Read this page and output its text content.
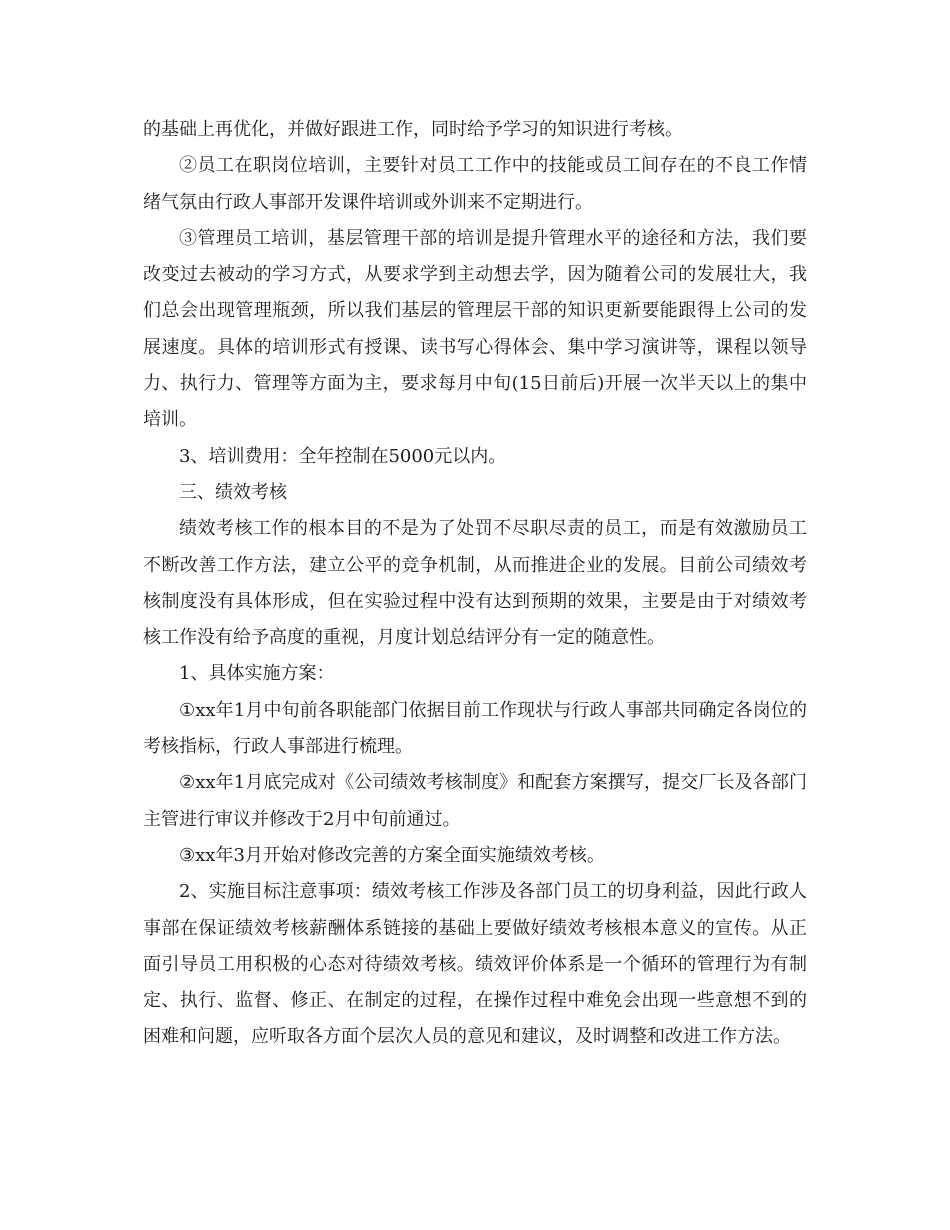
的基础上再优化，并做好跟进工作，同时给予学习的知识进行考核。

②员工在职岗位培训，主要针对员工工作中的技能或员工间存在的不良工作情绪气氛由行政人事部开发课件培训或外训来不定期进行。

③管理员工培训，基层管理干部的培训是提升管理水平的途径和方法，我们要改变过去被动的学习方式，从要求学到主动想去学，因为随着公司的发展壮大，我们总会出现管理瓶颈，所以我们基层的管理层干部的知识更新要能跟得上公司的发展速度。具体的培训形式有授课、读书写心得体会、集中学习演讲等，课程以领导力、执行力、管理等方面为主，要求每月中旬(15日前后)开展一次半天以上的集中培训。

3、培训费用：全年控制在5000元以内。

三、绩效考核

绩效考核工作的根本目的不是为了处罚不尽职尽责的员工，而是有效激励员工不断改善工作方法，建立公平的竞争机制，从而推进企业的发展。目前公司绩效考核制度没有具体形成，但在实验过程中没有达到预期的效果，主要是由于对绩效考核工作没有给予高度的重视，月度计划总结评分有一定的随意性。

1、具体实施方案：

①xx年1月中旬前各职能部门依据目前工作现状与行政人事部共同确定各岗位的考核指标，行政人事部进行梳理。

②xx年1月底完成对《公司绩效考核制度》和配套方案撰写，提交厂长及各部门主管进行审议并修改于2月中旬前通过。

③xx年3月开始对修改完善的方案全面实施绩效考核。

2、实施目标注意事项：绩效考核工作涉及各部门员工的切身利益，因此行政人事部在保证绩效考核薪酬体系链接的基础上要做好绩效考核根本意义的宣传。从正面引导员工用积极的心态对待绩效考核。绩效评价体系是一个循环的管理行为有制定、执行、监督、修正、在制定的过程，在操作过程中难免会出现一些意想不到的困难和问题，应听取各方面个层次人员的意见和建议，及时调整和改进工作方法。
